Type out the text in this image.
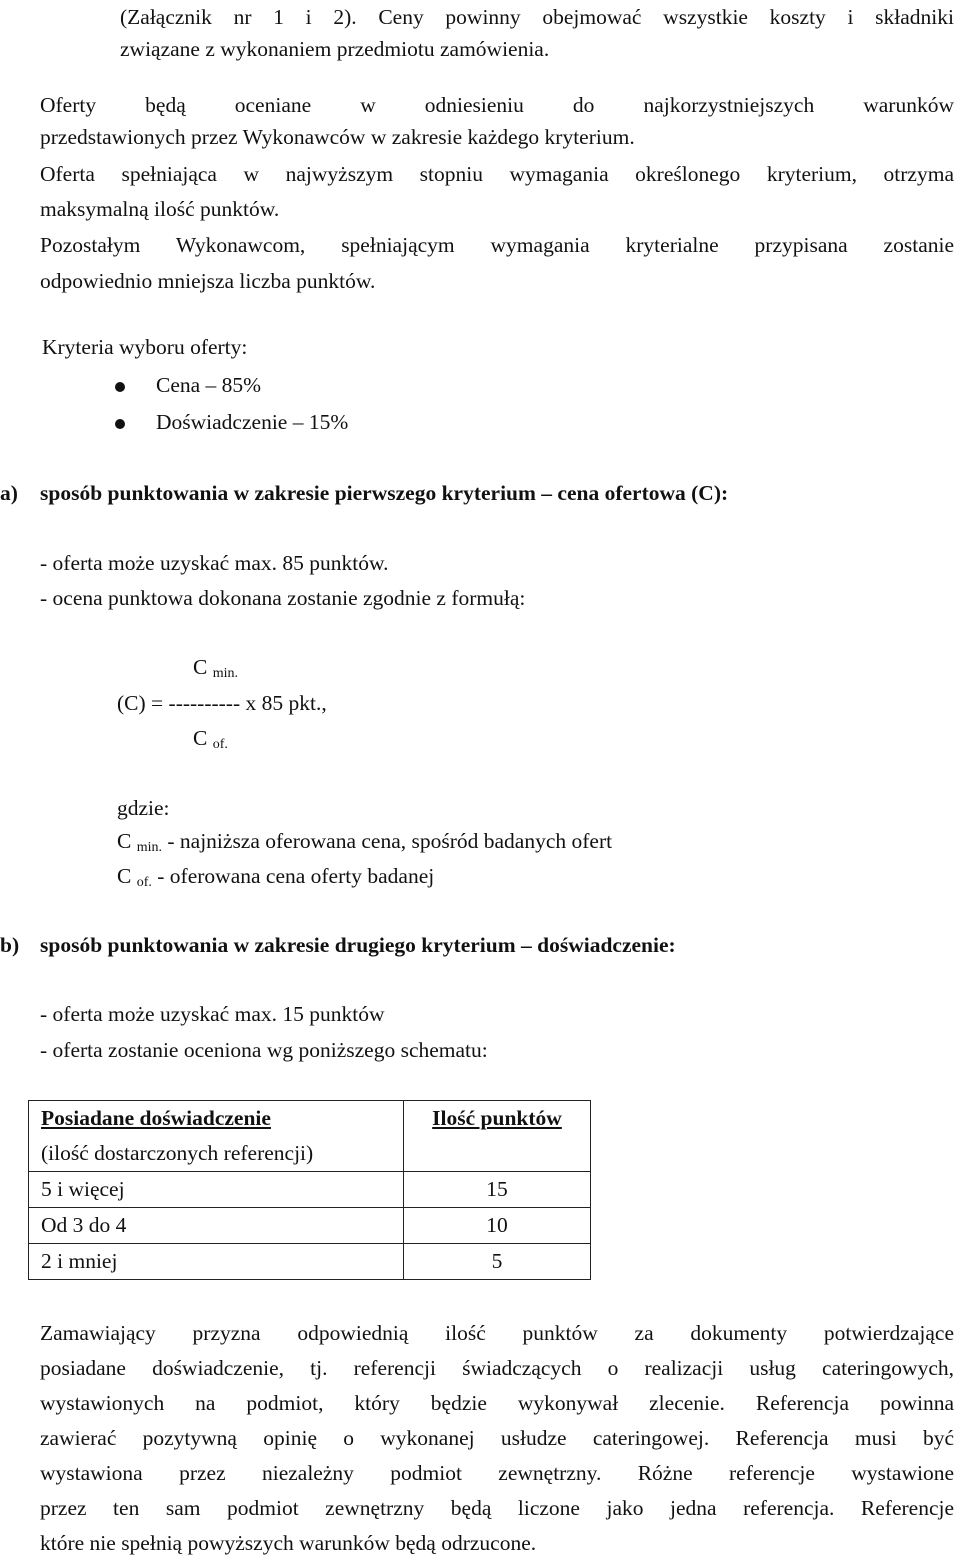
(Załącznik nr 1 i 2). Ceny powinny obejmować wszystkie koszty i składniki
związane z wykonaniem przedmiotu zamówienia.
Oferty będą oceniane w odniesieniu do najkorzystniejszych warunków
przedstawionych przez Wykonawców w zakresie każdego kryterium.
Oferta spełniająca w najwyższym stopniu wymagania określonego kryterium, otrzyma
maksymalną ilość punktów.
Pozostałym Wykonawcom, spełniającym wymagania kryterialne przypisana zostanie
odpowiednio mniejsza liczba punktów.
Kryteria wyboru oferty:
Cena – 85%
Doświadczenie – 15%
a) sposób punktowania w zakresie pierwszego kryterium – cena ofertowa (C):
- oferta może uzyskać max. 85 punktów.
- ocena punktowa dokonana zostanie zgodnie z formułą:
C $_{min.}$
(C) = ---------- x 85 pkt.,
C $_{of.}$
gdzie:
C $_{min.}$ - najniższa oferowana cena, spośród badanych ofert
C $_{of.}$ - oferowana cena oferty badanej
b) sposób punktowania w zakresie drugiego kryterium – doświadczenie:
- oferta może uzyskać max. 15 punktów
- oferta zostanie oceniona wg poniższego schematu:
Posiadane doświadczenie
(ilość dostarczonych referencji)	Ilość punktów

5 i więcej	15
Od 3 do 4	10
2 i mniej	5
Zamawiający przyzna odpowiednią ilość punktów za dokumenty potwierdzające
posiadane doświadczenie, tj. referencji świadczących o realizacji usług cateringowych,
wystawionych na podmiot, który będzie wykonywał zlecenie. Referencja powinna
zawierać pozytywną opinię o wykonanej usłudze cateringowej. Referencja musi być
wystawiona przez niezależny podmiot zewnętrzny. Różne referencje wystawione
przez ten sam podmiot zewnętrzny będą liczone jako jedna referencja. Referencje
które nie spełnią powyższych warunków będą odrzucone.
